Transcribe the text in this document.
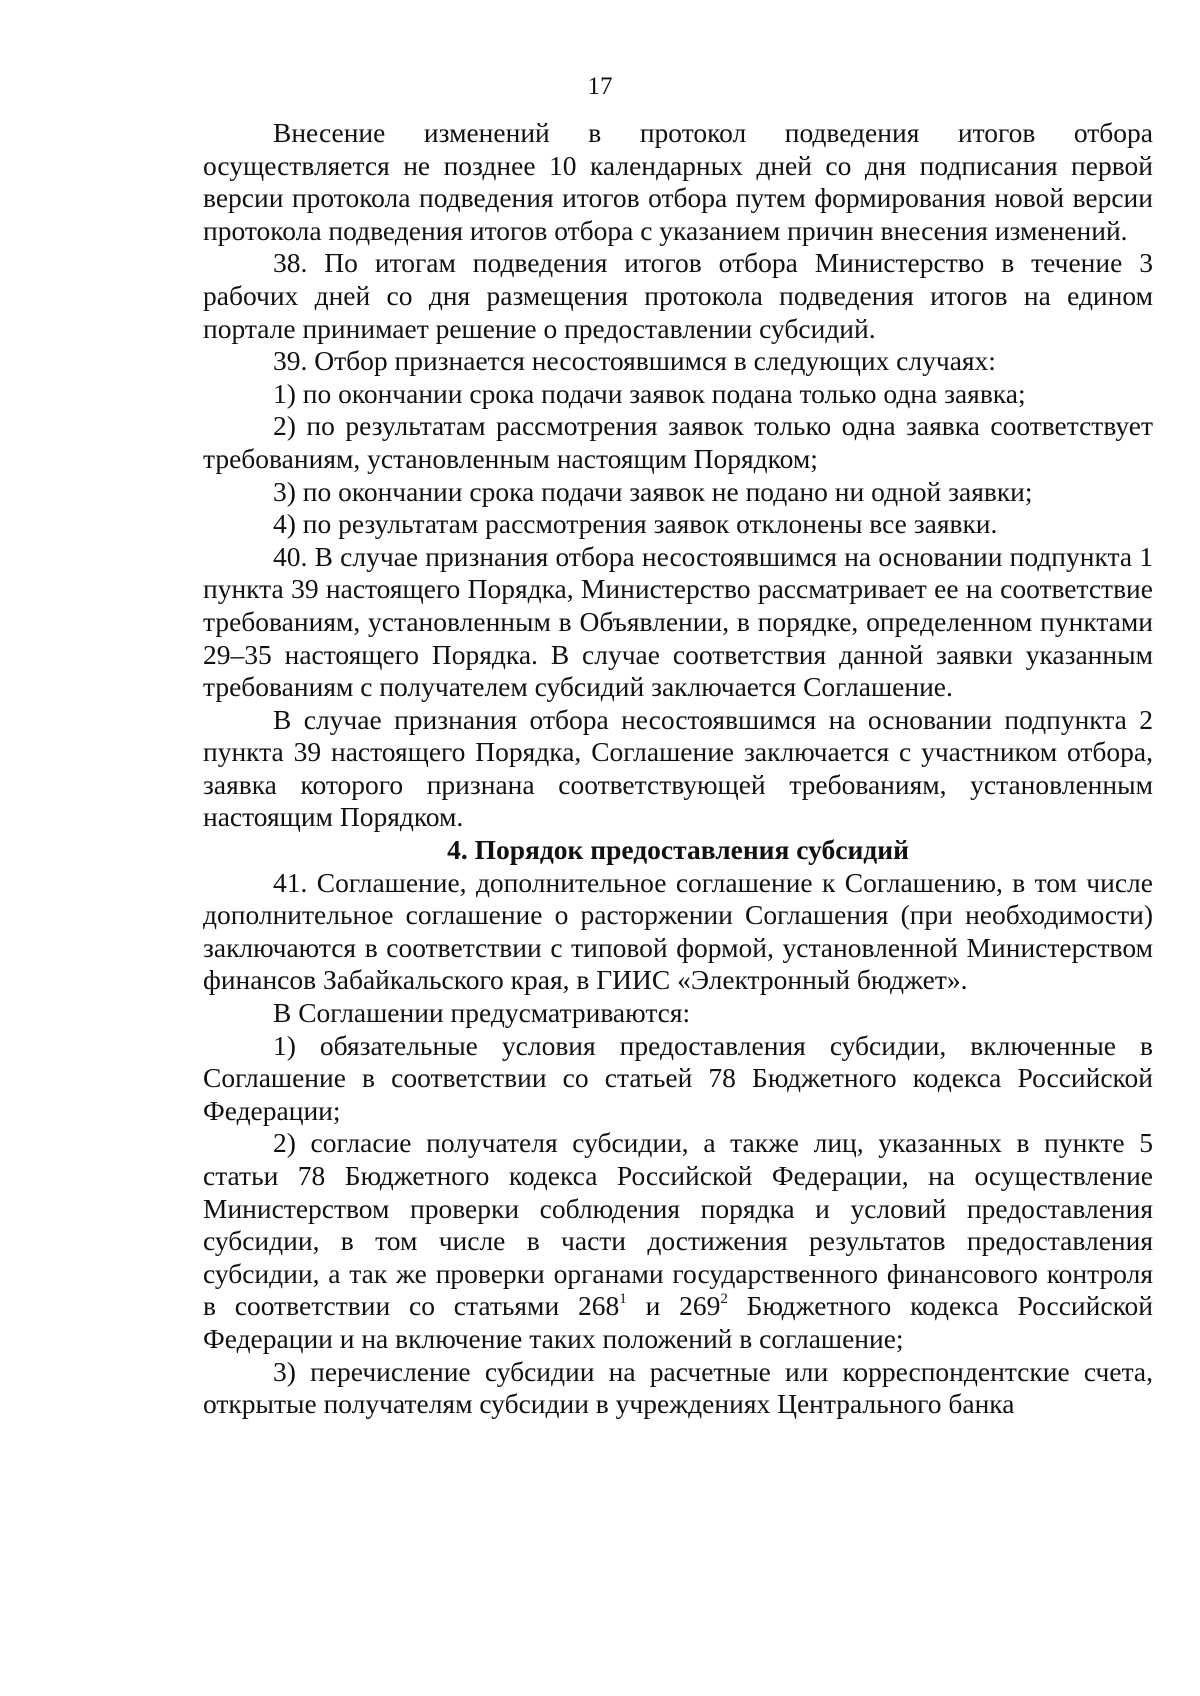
17

Внесение изменений в протокол подведения итогов отбора осуществляется не позднее 10 календарных дней со дня подписания первой версии протокола подведения итогов отбора путем формирования новой версии протокола подведения итогов отбора с указанием причин внесения изменений.

38. По итогам подведения итогов отбора Министерство в течение 3 рабочих дней со дня размещения протокола подведения итогов на едином портале принимает решение о предоставлении субсидий.

39. Отбор признается несостоявшимся в следующих случаях:

1) по окончании срока подачи заявок подана только одна заявка;

2) по результатам рассмотрения заявок только одна заявка соответствует требованиям, установленным настоящим Порядком;

3) по окончании срока подачи заявок не подано ни одной заявки;

4) по результатам рассмотрения заявок отклонены все заявки.

40. В случае признания отбора несостоявшимся на основании подпункта 1 пункта 39 настоящего Порядка, Министерство рассматривает ее на соответствие требованиям, установленным в Объявлении, в порядке, определенном пунктами 29–35 настоящего Порядка. В случае соответствия данной заявки указанным требованиям с получателем субсидий заключается Соглашение.

В случае признания отбора несостоявшимся на основании подпункта 2 пункта 39 настоящего Порядка, Соглашение заключается с участником отбора, заявка которого признана соответствующей требованиям, установленным настоящим Порядком.

4. Порядок предоставления субсидий

41. Соглашение, дополнительное соглашение к Соглашению, в том числе дополнительное соглашение о расторжении Соглашения (при необходимости) заключаются в соответствии с типовой формой, установленной Министерством финансов Забайкальского края, в ГИИС «Электронный бюджет».

В Соглашении предусматриваются:

1) обязательные условия предоставления субсидии, включенные в Соглашение в соответствии со статьей 78 Бюджетного кодекса Российской Федерации;

2) согласие получателя субсидии, а также лиц, указанных в пункте 5 статьи 78 Бюджетного кодекса Российской Федерации, на осуществление Министерством проверки соблюдения порядка и условий предоставления субсидии, в том числе в части достижения результатов предоставления субсидии, а так же проверки органами государственного финансового контроля в соответствии со статьями $268^1$ и $269^2$ Бюджетного кодекса Российской Федерации и на включение таких положений в соглашение;

3) перечисление субсидии на расчетные или корреспондентские счета, открытые получателям субсидии в учреждениях Центрального банка
